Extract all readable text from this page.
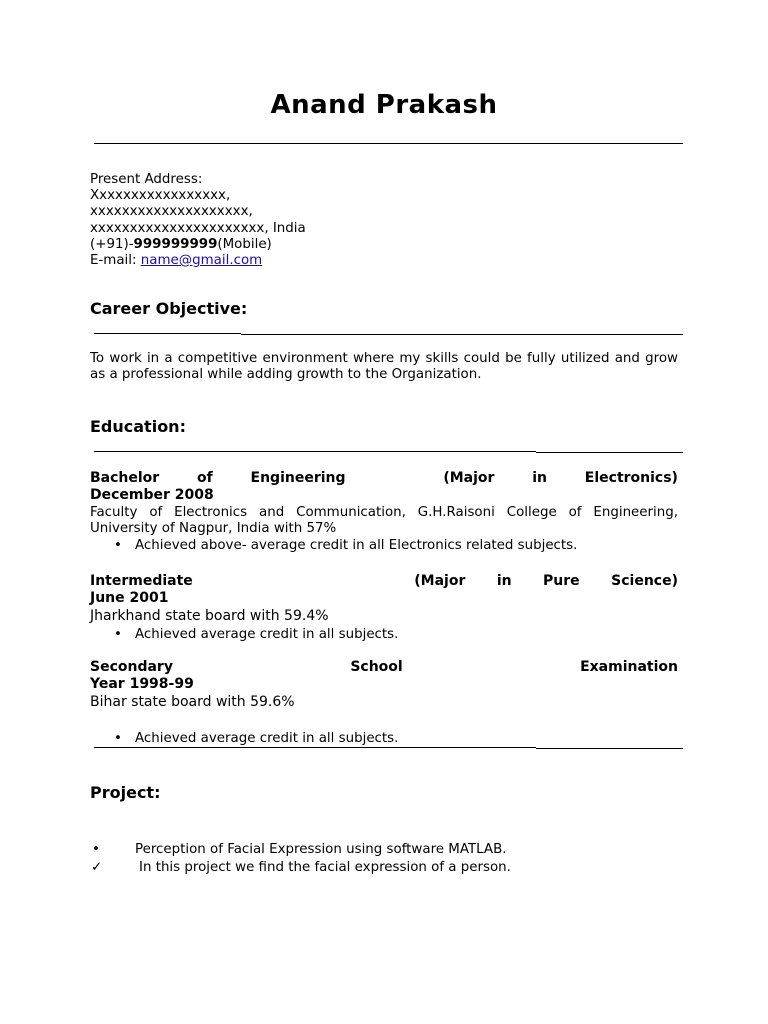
Anand Prakash
Present Address:
Xxxxxxxxxxxxxxxxx,
xxxxxxxxxxxxxxxxxxxx,
xxxxxxxxxxxxxxxxxxxxxx, India
(+91)-999999999(Mobile)
E-mail: name@gmail.com
Career Objective:
To work in a competitive environment where my skills could be fully utilized and grow as a professional while adding growth to the Organization.
Education:
Bachelor	of	Engineering	(Major	in	Electronics)
December 2008
Faculty of Electronics and Communication, G.H.Raisoni College of Engineering, University of Nagpur, India with 57%
• Achieved above- average credit in all Electronics related subjects.
Intermediate	(Major in Pure Science)
June 2001
Jharkhand state board with 59.4%
• Achieved average credit in all subjects.
Secondary	School	Examination
Year 1998-99
Bihar state board with 59.6%
• Achieved average credit in all subjects.
Project:
•	Perception of Facial Expression using software MATLAB.
✓	In this project we find the facial expression of a person.
